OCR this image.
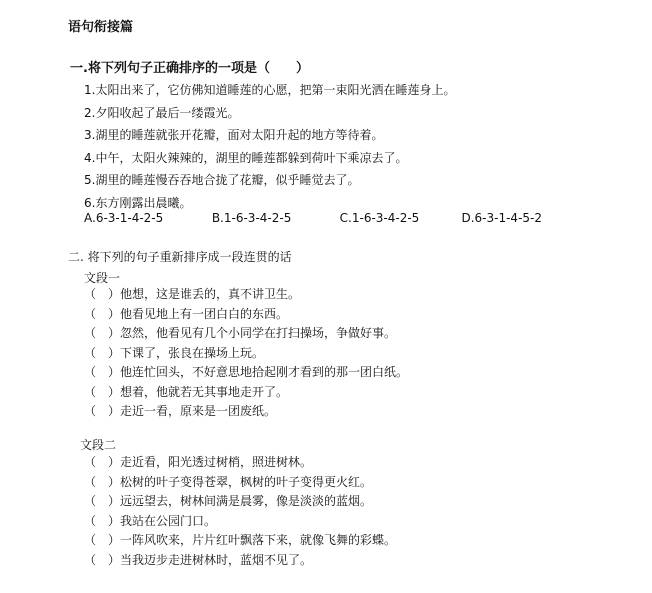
语句衔接篇
一.将下列句子正确排序的一项是（　　）
1.太阳出来了，它仿佛知道睡莲的心愿，把第一束阳光洒在睡莲身上。
2.夕阳收起了最后一缕霞光。
3.湖里的睡莲就张开花瓣，面对太阳升起的地方等待着。
4.中午，太阳火辣辣的，湖里的睡莲都躲到荷叶下乘凉去了。
5.湖里的睡莲慢吞吞地合拢了花瓣，似乎睡觉去了。
6.东方刚露出晨曦。
A.6-3-1-4-2-5	B.1-6-3-4-2-5	C.1-6-3-4-2-5	D.6-3-1-4-5-2
二. 将下列的句子重新排序成一段连贯的话
文段一
（　）他想，这是谁丢的，真不讲卫生。
（　）他看见地上有一团白白的东西。
（　）忽然，他看见有几个小同学在打扫操场，争做好事。
（　）下课了，张良在操场上玩。
（　）他连忙回头，不好意思地拾起刚才看到的那一团白纸。
（　）想着，他就若无其事地走开了。
（　）走近一看，原来是一团废纸。
文段二
（　）走近看，阳光透过树梢，照进树林。
（　）松树的叶子变得苍翠，枫树的叶子变得更火红。
（　）远远望去，树林间满是晨雾，像是淡淡的蓝烟。
（　）我站在公园门口。
（　）一阵风吹来，片片红叶飘落下来，就像飞舞的彩蝶。
（　）当我迈步走进树林时，蓝烟不见了。
